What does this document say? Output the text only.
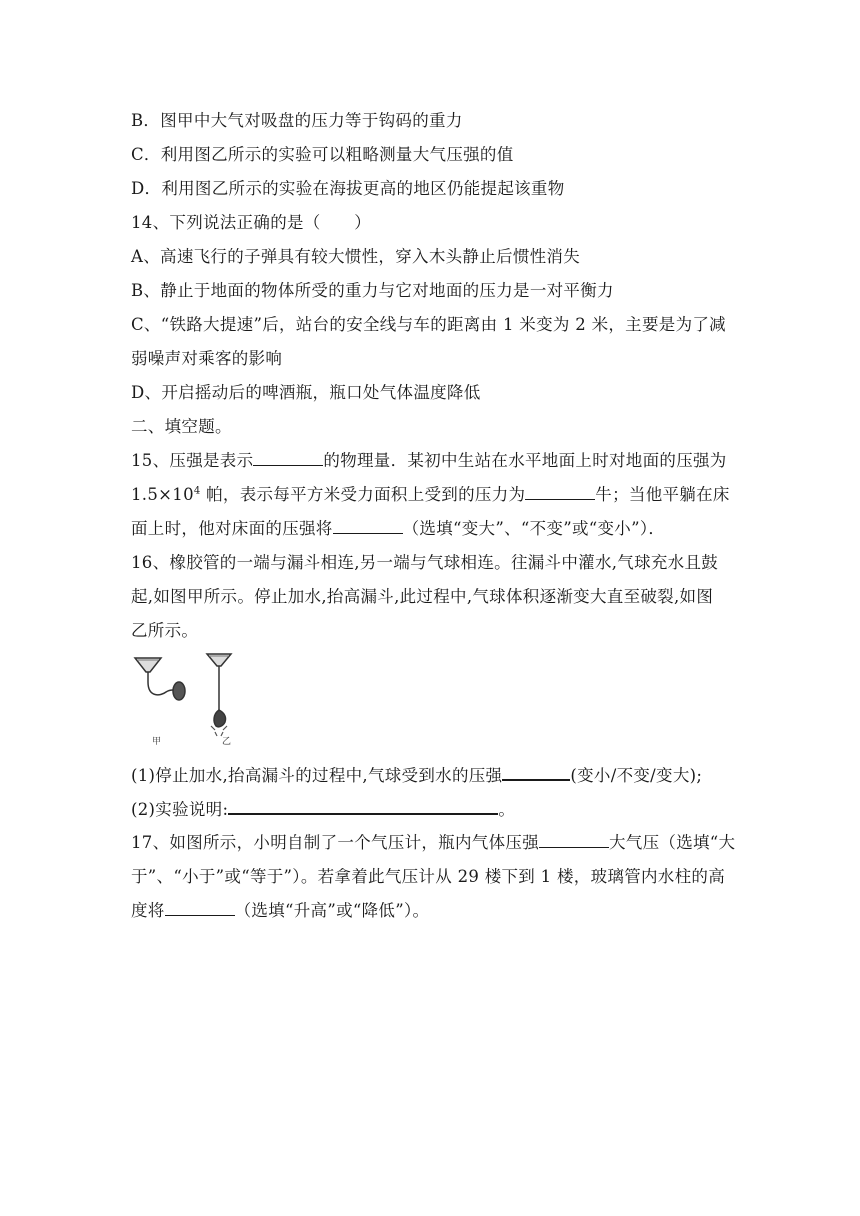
B．图甲中大气对吸盘的压力等于钩码的重力
C．利用图乙所示的实验可以粗略测量大气压强的值
D．利用图乙所示的实验在海拔更高的地区仍能提起该重物
14、下列说法正确的是（　　）
A、高速飞行的子弹具有较大惯性，穿入木头静止后惯性消失
B、静止于地面的物体所受的重力与它对地面的压力是一对平衡力
C、“铁路大提速”后，站台的安全线与车的距离由 1 米变为 2 米，主要是为了减
弱噪声对乘客的影响
D、开启摇动后的啤酒瓶，瓶口处气体温度降低
二、填空题。
15、压强是表示	的物理量．某初中生站在水平地面上时对地面的压强为
$1.5\times 10^4$ 帕，表示每平方米受力面积上受到的压力为	牛；当他平躺在床
面上时，他对床面的压强将	（选填“变大”、“不变”或“变小”）．
16、橡胶管的一端与漏斗相连,另一端与气球相连。往漏斗中灌水,气球充水且鼓
起,如图甲所示。停止加水,抬高漏斗,此过程中,气球体积逐渐变大直至破裂,如图
乙所示。
甲	乙
(1)停止加水,抬高漏斗的过程中,气球受到水的压强	(变小/不变/变大);
(2)实验说明:	。
17、如图所示，小明自制了一个气压计，瓶内气体压强	大气压（选填“大
于”、“小于”或“等于”）。若拿着此气压计从 29 楼下到 1 楼，玻璃管内水柱的高
度将	（选填“升高”或“降低”）。
